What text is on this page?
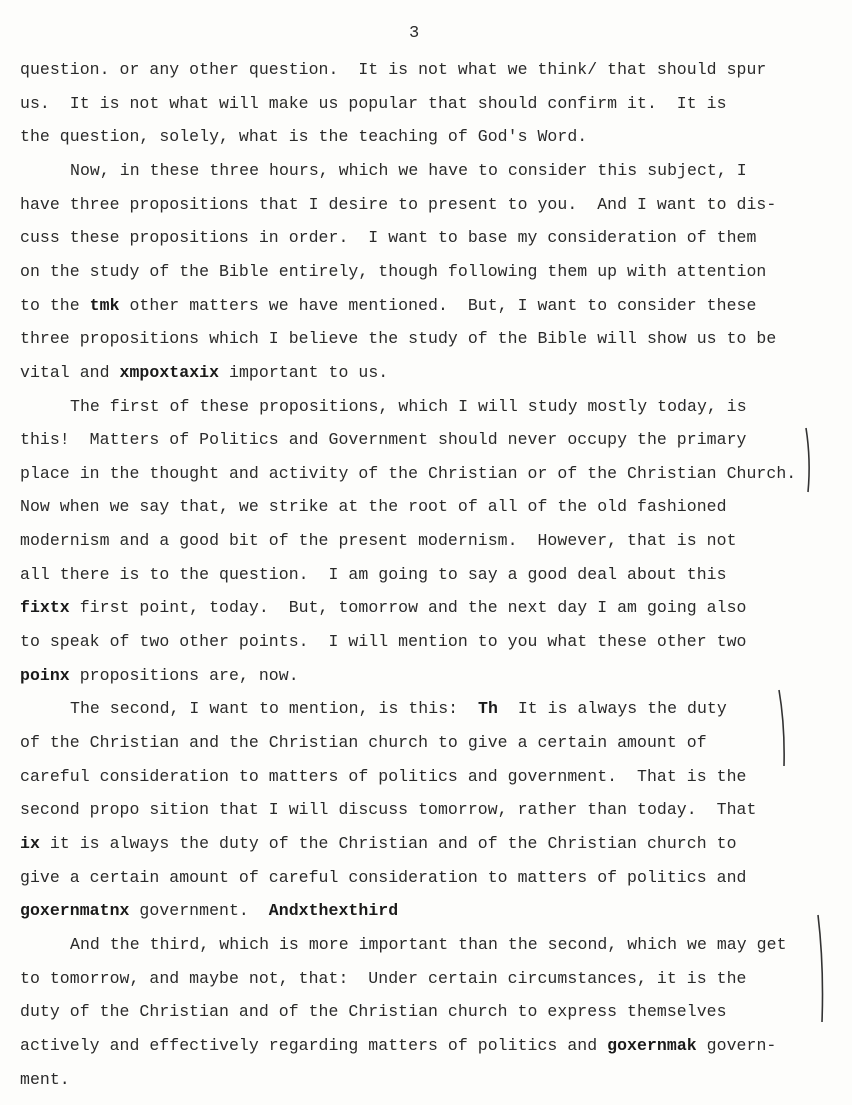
3
question. or any other question.  It is not what we think/ that should spur
us.  It is not what will make us popular that should confirm it.  It is
the question, solely, what is the teaching of God's Word.
Now, in these three hours, which we have to consider this subject, I
have three propositions that I desire to present to you.  And I want to dis-
cuss these propositions in order.  I want to base my consideration of them
on the study of the Bible entirely, though following them up with attention
to the tmk other matters we have mentioned.  But, I want to consider these
three propositions which I believe the study of the Bible will show us to be
vital and xmpoxtaxix important to us.
The first of these propositions, which I will study mostly today, is
this!  Matters of Politics and Government should never occupy the primary
place in the thought and activity of the Christian or of the Christian Church.
Now when we say that, we strike at the root of all of the old fashioned
modernism and a good bit of the present modernism.  However, that is not
all there is to the question.  I am going to say a good deal about this
fixtx first point, today.  But, tomorrow and the next day I am going also
to speak of two other points.  I will mention to you what these other two
poinx propositions are, now.
The second, I want to mention, is this:  Th  It is always the duty
of the Christian and the Christian church to give a certain amount of
careful consideration to matters of politics and government.  That is the
second propo sition that I will discuss tomorrow, rather than today.  That
ix it is always the duty of the Christian and of the Christian church to
give a certain amount of careful consideration to matters of politics and
goxernmatnx government.  Andxthexthird
And the third, which is more important than the second, which we may get
to tomorrow, and maybe not, that:  Under certain circumstances, it is the
duty of the Christian and of the Christian church to express themselves
actively and effectively regarding matters of politics and goxernmak govern-
ment.
